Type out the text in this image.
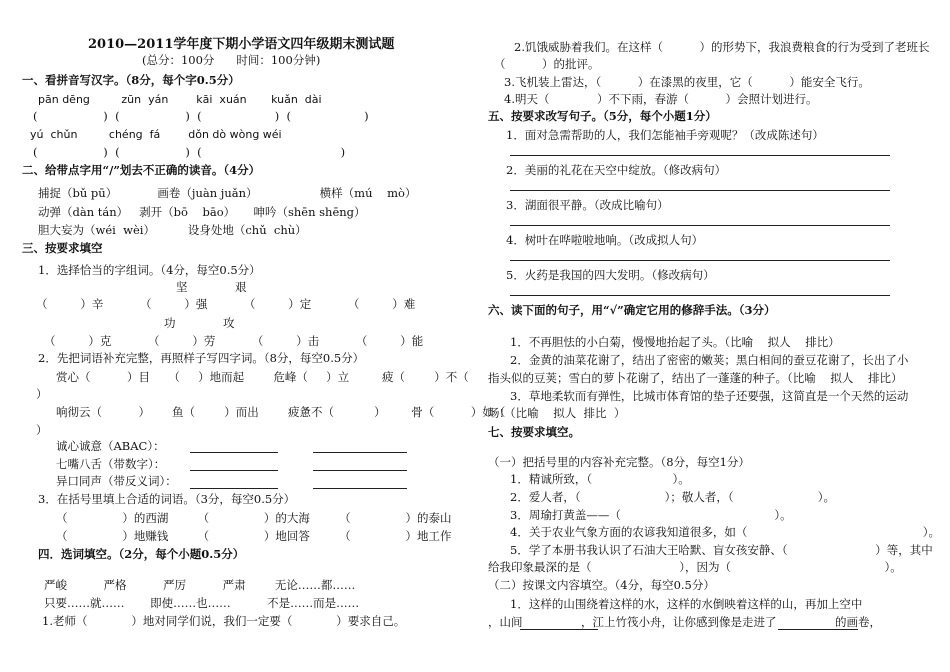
2010—2011学年度下期小学语文四年级期末测试题
(总分：100分      时间：100分钟)
一、看拼音写汉字。（8分，每个字0.5分）
pān dēng         zūn  yán        kāi  xuán       kuǎn  dài
(                  )  (                  )  (                    )  (                    )
yú  chǔn         chéng  fá        dǒn dò wòng wéi
(                  )  (                  )  (                                      )
二、给带点字用“/”划去不正确的读音。（4分）
捕捉（bǔ pū）           画卷（juàn juǎn）                 横样（mú    mò）
动弹（dàn tán）   剥开（bō    bāo）     呻吟（shēn shēng）
胆大妄为（wéi  wèi）         设身处地（chǔ  chù）
三、按要求填空
1．选择恰当的字组词。（4分，每空0.5分）
坚             艰
（         ）辛          （         ）强          （         ）定          （         ）难
功             攻
（         ）克          （         ）劳          （         ）击          （         ）能
2．先把词语补充完整，再照样子写四字词。（8分，每空0.5分）
赏心（          ）目     （     ）地而起        危峰（     ）立         疲（        ）不（
）
响彻云（          ）      鱼（        ）而出        疲惫不（           ）       骨（          ）如（
）
诚心诚意（ABAC）：
七嘴八舌（带数字）：
异口同声（带反义词）：
3．在括号里填上合适的词语。（3分，每空0.5分）
（               ）的西湖        （               ）的大海        （               ）的泰山
（               ）地赚钱        （               ）地回答        （               ）地工作
四．选词填空。（2分，每个小题0.5分）
严峻          严格          严厉          严肃        无论……都……
只要……就……       即使……也……          不是……而是……
1.老师（            ）地对同学们说，我们一定要（            ）要求自己。
2.饥饿威胁着我们。在这样（          ）的形势下，我浪费粮食的行为受到了老班长
（          ）的批评。
3.飞机装上雷达，（          ）在漆黑的夜里，它（          ）能安全飞行。
4.明天（             ）不下雨，春游（          ）会照计划进行。
五、按要求改写句子。（5分，每个小题1分）
1．面对急需帮助的人，我们怎能袖手旁观呢？（改成陈述句）
2．美丽的礼花在天空中绽放。（修改病句）
3．湖面很平静。（改成比喻句）
4．树叶在哗啦啦地响。（改成拟人句）
5．火药是我国的四大发明。（修改病句）
六、读下面的句子，用“√”确定它用的修辞手法。（3分）
1．不再胆怯的小白菊，慢慢地抬起了头。（比喻    拟人    排比）
2．金黄的油菜花谢了，结出了密密的嫩荚；黑白相间的蚕豆花谢了，长出了小
指头似的豆荚；雪白的萝卜花谢了，结出了一蓬蓬的种子。（比喻    拟人    排比）
3．草地柔软而有弹性，比城市体育馆的垫子还要强，这简直是一个天然的运动
场!（比喻    拟人  排比  ）
七、按要求填空。
（一）把括号里的内容补充完整。（8分，每空1分）
1．精诚所致，（                      ）。
2．爱人者，（                       ）；敬人者，（                       ）。
3．周瑜打黄盖——（                                          ）。
4．关于农业气象方面的农谚我知道很多，如（                                                ）。
5．学了本册书我认识了石油大王哈默、盲女孩安静、（                        ）等，其中
给我印象最深的是（                        ），因为（                                          ）。
（二）按课文内容填空。（4分，每空0.5分）
1．这样的山围绕着这样的水，这样的水倒映着这样的山，再加上空中
，山间                ，江上竹筏小舟，让你感到像是走进了                的画卷，
